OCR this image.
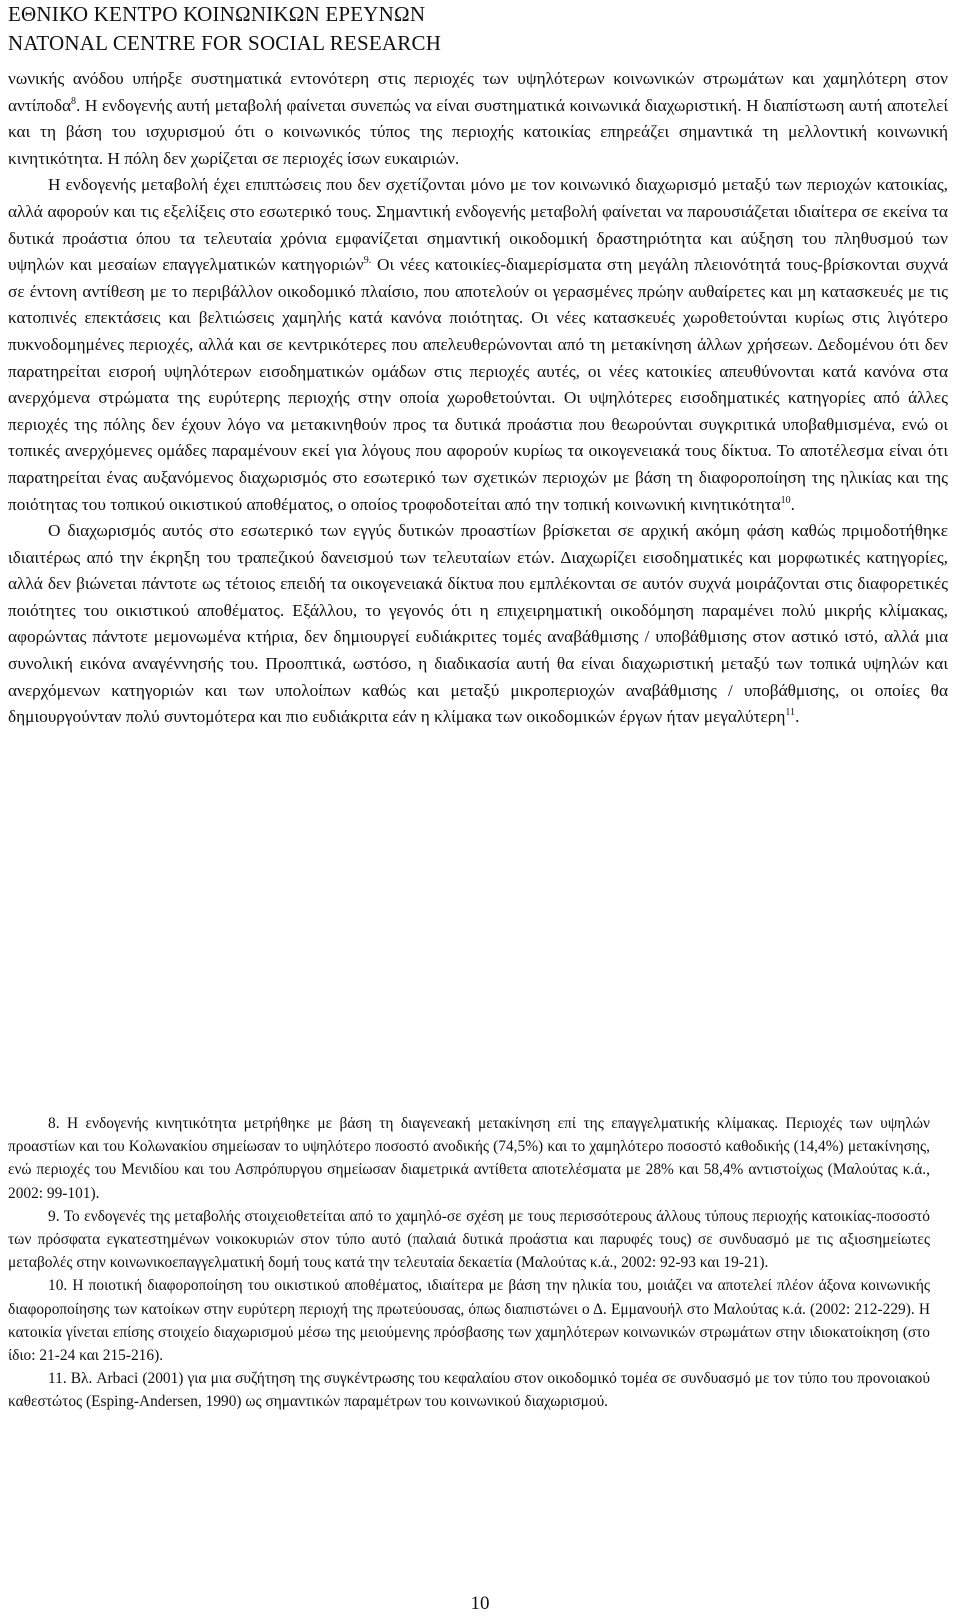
ΕΘΝΙΚΟ ΚΕΝΤΡΟ ΚΟΙΝΩΝΙΚΩΝ ΕΡΕΥΝΩΝ
NATONAL CENTRE FOR SOCIAL RESEARCH

νωνικής ανόδου υπήρξε συστηματικά εντονότερη στις περιοχές των υψηλότερων κοινωνικών στρωμάτων και χαμηλότερη στον αντίποδα$^8$. Η ενδογενής αυτή μεταβολή φαίνεται συνεπώς να είναι συστηματικά κοινωνικά διαχωριστική. Η διαπίστωση αυτή αποτελεί και τη βάση του ισχυρισμού ότι ο κοινωνικός τύπος της περιοχής κατοικίας επηρεάζει σημαντικά τη μελλοντική κοινωνική κινητικότητα. Η πόλη δεν χωρίζεται σε περιοχές ίσων ευκαιριών.

Η ενδογενής μεταβολή έχει επιπτώσεις που δεν σχετίζονται μόνο με τον κοινωνικό διαχωρισμό μεταξύ των περιοχών κατοικίας, αλλά αφορούν και τις εξελίξεις στο εσωτερικό τους. Σημαντική ενδογενής μεταβολή φαίνεται να παρουσιάζεται ιδιαίτερα σε εκείνα τα δυτικά προάστια όπου τα τελευταία χρόνια εμφανίζεται σημαντική οικοδομική δραστηριότητα και αύξηση του πληθυσμού των υψηλών και μεσαίων επαγγελματικών κατηγοριών$^{9.}$ Οι νέες κατοικίες-διαμερίσματα στη μεγάλη πλειονότητά τους-βρίσκονται συχνά σε έντονη αντίθεση με το περιβάλλον οικοδομικό πλαίσιο, που αποτελούν οι γερασμένες πρώην αυθαίρετες και μη κατασκευές με τις κατοπινές επεκτάσεις και βελτιώσεις χαμηλής κατά κανόνα ποιότητας. Οι νέες κατασκευές χωροθετούνται κυρίως στις λιγότερο πυκνοδομημένες περιοχές, αλλά και σε κεντρικότερες που απελευθερώνονται από τη μετακίνηση άλλων χρήσεων. Δεδομένου ότι δεν παρατηρείται εισροή υψηλότερων εισοδηματικών ομάδων στις περιοχές αυτές, οι νέες κατοικίες απευθύνονται κατά κανόνα στα ανερχόμενα στρώματα της ευρύτερης περιοχής στην οποία χωροθετούνται. Οι υψηλότερες εισοδηματικές κατηγορίες από άλλες περιοχές της πόλης δεν έχουν λόγο να μετακινηθούν προς τα δυτικά προάστια που θεωρούνται συγκριτικά υποβαθμισμένα, ενώ οι τοπικές ανερχόμενες ομάδες παραμένουν εκεί για λόγους που αφορούν κυρίως τα οικογενειακά τους δίκτυα. Το αποτέλεσμα είναι ότι παρατηρείται ένας αυξανόμενος διαχωρισμός στο εσωτερικό των σχετικών περιοχών με βάση τη διαφοροποίηση της ηλικίας και της ποιότητας του τοπικού οικιστικού αποθέματος, ο οποίος τροφοδοτείται από την τοπική κοινωνική κινητικότητα$^{10}$.

Ο διαχωρισμός αυτός στο εσωτερικό των εγγύς δυτικών προαστίων βρίσκεται σε αρχική ακόμη φάση καθώς πριμοδοτήθηκε ιδιαιτέρως από την έκρηξη του τραπεζικού δανεισμού των τελευταίων ετών. Διαχωρίζει εισοδηματικές και μορφωτικές κατηγορίες, αλλά δεν βιώνεται πάντοτε ως τέτοιος επειδή τα οικογενειακά δίκτυα που εμπλέκονται σε αυτόν συχνά μοιράζονται στις διαφορετικές ποιότητες του οικιστικού αποθέματος. Εξάλλου, το γεγονός ότι η επιχειρηματική οικοδόμηση παραμένει πολύ μικρής κλίμακας, αφορώντας πάντοτε μεμονωμένα κτήρια, δεν δημιουργεί ευδιάκριτες τομές αναβάθμισης / υποβάθμισης στον αστικό ιστό, αλλά μια συνολική εικόνα αναγέννησής του. Προοπτικά, ωστόσο, η διαδικασία αυτή θα είναι διαχωριστική μεταξύ των τοπικά υψηλών και ανερχόμενων κατηγοριών και των υπολοίπων καθώς και μεταξύ μικροπεριοχών αναβάθμισης / υποβάθμισης, οι οποίες θα δημιουργούνταν πολύ συντομότερα και πιο ευδιάκριτα εάν η κλίμακα των οικοδομικών έργων ήταν μεγαλύτερη$^{11}$.

8. Η ενδογενής κινητικότητα μετρήθηκε με βάση τη διαγενεακή μετακίνηση επί της επαγγελματικής κλίμακας. Περιοχές των υψηλών προαστίων και του Κολωνακίου σημείωσαν το υψηλότερο ποσοστό ανοδικής (74,5%) και το χαμηλότερο ποσοστό καθοδικής (14,4%) μετακίνησης, ενώ περιοχές του Μενιδίου και του Ασπρόπυργου σημείωσαν διαμετρικά αντίθετα αποτελέσματα με 28% και 58,4% αντιστοίχως (Μαλούτας κ.ά., 2002: 99-101).

9. Το ενδογενές της μεταβολής στοιχειοθετείται από το χαμηλό-σε σχέση με τους περισσότερους άλλους τύπους περιοχής κατοικίας-ποσοστό των πρόσφατα εγκατεστημένων νοικοκυριών στον τύπο αυτό (παλαιά δυτικά προάστια και παρυφές τους) σε συνδυασμό με τις αξιοσημείωτες μεταβολές στην κοινωνικοεπαγγελματική δομή τους κατά την τελευταία δεκαετία (Μαλούτας κ.ά., 2002: 92-93 και 19-21).

10. Η ποιοτική διαφοροποίηση του οικιστικού αποθέματος, ιδιαίτερα με βάση την ηλικία του, μοιάζει να αποτελεί πλέον άξονα κοινωνικής διαφοροποίησης των κατοίκων στην ευρύτερη περιοχή της πρωτεύουσας, όπως διαπιστώνει ο Δ. Εμμανουήλ στο Μαλούτας κ.ά. (2002: 212-229). Η κατοικία γίνεται επίσης στοιχείο διαχωρισμού μέσω της μειούμενης πρόσβασης των χαμηλότερων κοινωνικών στρωμάτων στην ιδιοκατοίκηση (στο ίδιο: 21-24 και 215-216).

11. Βλ. Arbaci (2001) για μια συζήτηση της συγκέντρωσης του κεφαλαίου στον οικοδομικό τομέα σε συνδυασμό με τον τύπο του προνοιακού καθεστώτος (Esping-Andersen, 1990) ως σημαντικών παραμέτρων του κοινωνικού διαχωρισμού.

10
